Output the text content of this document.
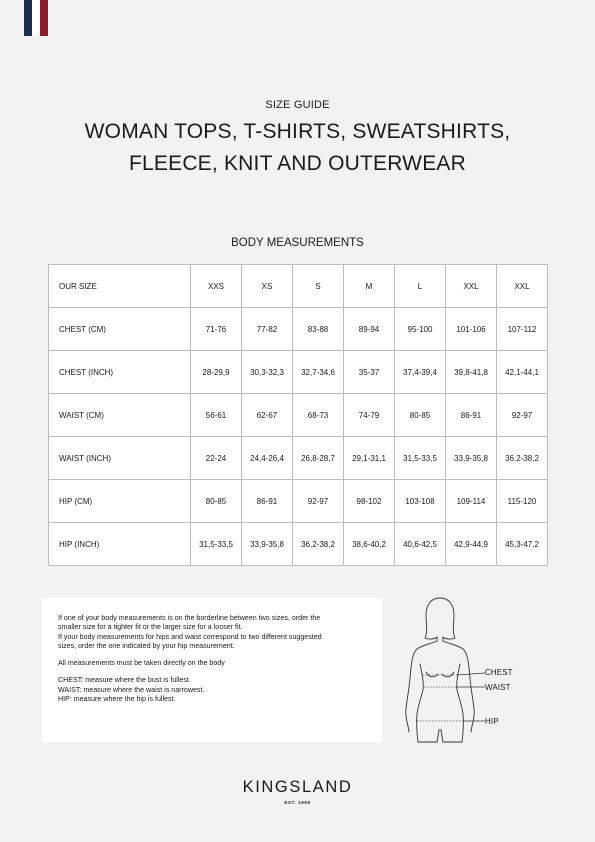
SIZE GUIDE
WOMAN TOPS, T-SHIRTS, SWEATSHIRTS,
FLEECE, KNIT AND OUTERWEAR
BODY MEASUREMENTS
OUR SIZE	XXS	XS	S	M	L	XXL	XXL
CHEST (CM)	71-76	77-82	83-88	89-94	95-100	101-106	107-112
CHEST (INCH)	28-29,9	30,3-32,3	32,7-34,6	35-37	37,4-39,4	39,8-41,8	42,1-44,1
WAIST (CM)	56-61	62-67	68-73	74-79	80-85	86-91	92-97
WAIST (INCH)	22-24	24,4-26,4	26,8-28,7	29,1-31,1	31,5-33,5	33,9-35,8	36,2-38,2
HIP (CM)	80-85	86-91	92-97	98-102	103-108	109-114	115-120
HIP (INCH)	31,5-33,5	33,9-35,8	36,2-38,2	38,6-40,2	40,6-42,5	42,9-44,9	45,3-47,2

If one of your body measurements is on the borderline between two sizes, order the
smaller size for a tighter fit or the larger size for a looser fit.
If your body measurements for hips and waist correspond to two different suggested
sizes, order the one indicated by your hip measurement.

All measurements must be taken directly on the body

CHEST: measure where the bust is fullest.
WAIST: measure where the waist is narrowest.
HIP: measure where the hip is fullest.
CHEST
WAIST
HIP
KINGSLAND
EST. 1999
